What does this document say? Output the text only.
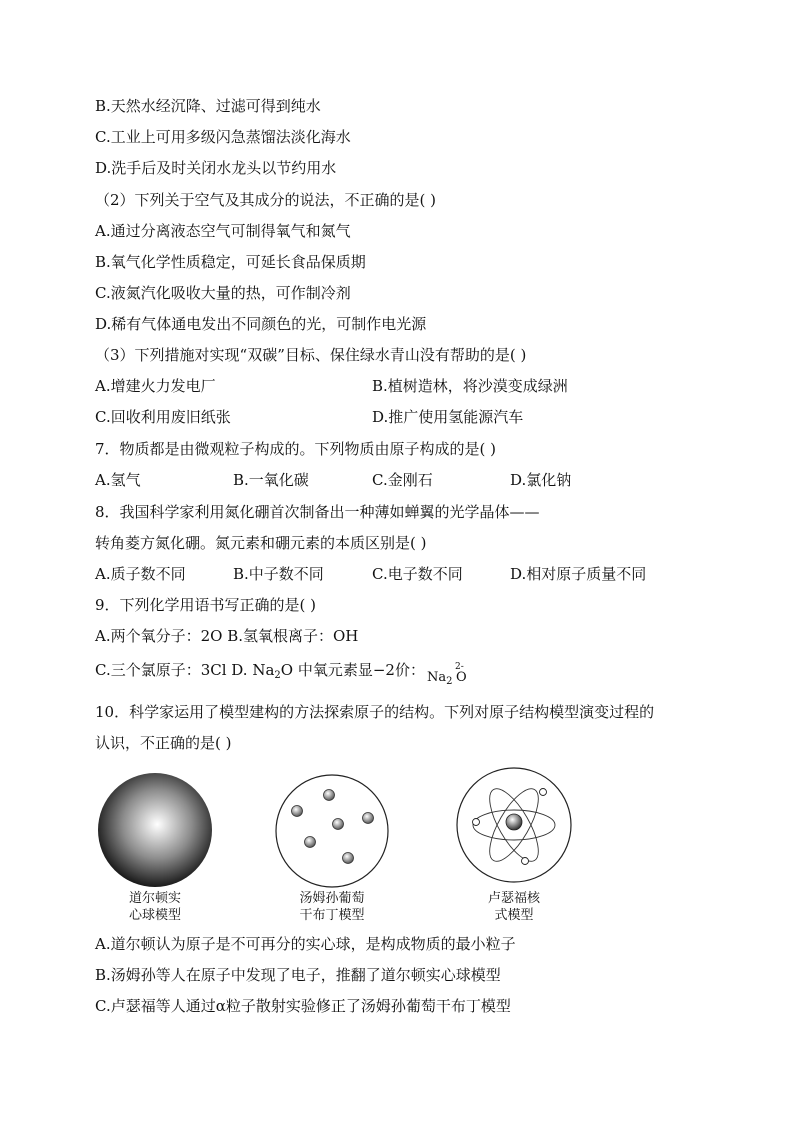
B.天然水经沉降、过滤可得到纯水
C.工业上可用多级闪急蒸馏法淡化海水
D.洗手后及时关闭水龙头以节约用水
（2）下列关于空气及其成分的说法，不正确的是( )
A.通过分离液态空气可制得氧气和氮气
B.氧气化学性质稳定，可延长食品保质期
C.液氮汽化吸收大量的热，可作制冷剂
D.稀有气体通电发出不同颜色的光，可制作电光源
（3）下列措施对实现“双碳”目标、保住绿水青山没有帮助的是( )
A.增建火力发电厂	B.植树造林，将沙漠变成绿洲
C.回收利用废旧纸张	D.推广使用氢能源汽车
7．物质都是由微观粒子构成的。下列物质由原子构成的是( )
A.氢气	B.一氧化碳	C.金刚石	D.氯化钠
8．我国科学家利用氮化硼首次制备出一种薄如蝉翼的光学晶体——
转角菱方氮化硼。氮元素和硼元素的本质区别是( )
A.质子数不同	B.中子数不同	C.电子数不同	D.相对原子质量不同
9．下列化学用语书写正确的是( )
A.两个氧分子：2O B.氢氧根离子：OH
C.三个氯原子：3Cl D. $Na_2O$ 中氧元素显−2价： $Na_2$
2-
O
10．科学家运用了模型建构的方法探索原子的结构。下列对原子结构模型演变过程的
认识，不正确的是( )
道尔顿实
心球模型
汤姆孙葡萄
干布丁模型
卢瑟福核
式模型
A.道尔顿认为原子是不可再分的实心球，是构成物质的最小粒子
B.汤姆孙等人在原子中发现了电子，推翻了道尔顿实心球模型
C.卢瑟福等人通过α粒子散射实验修正了汤姆孙葡萄干布丁模型
